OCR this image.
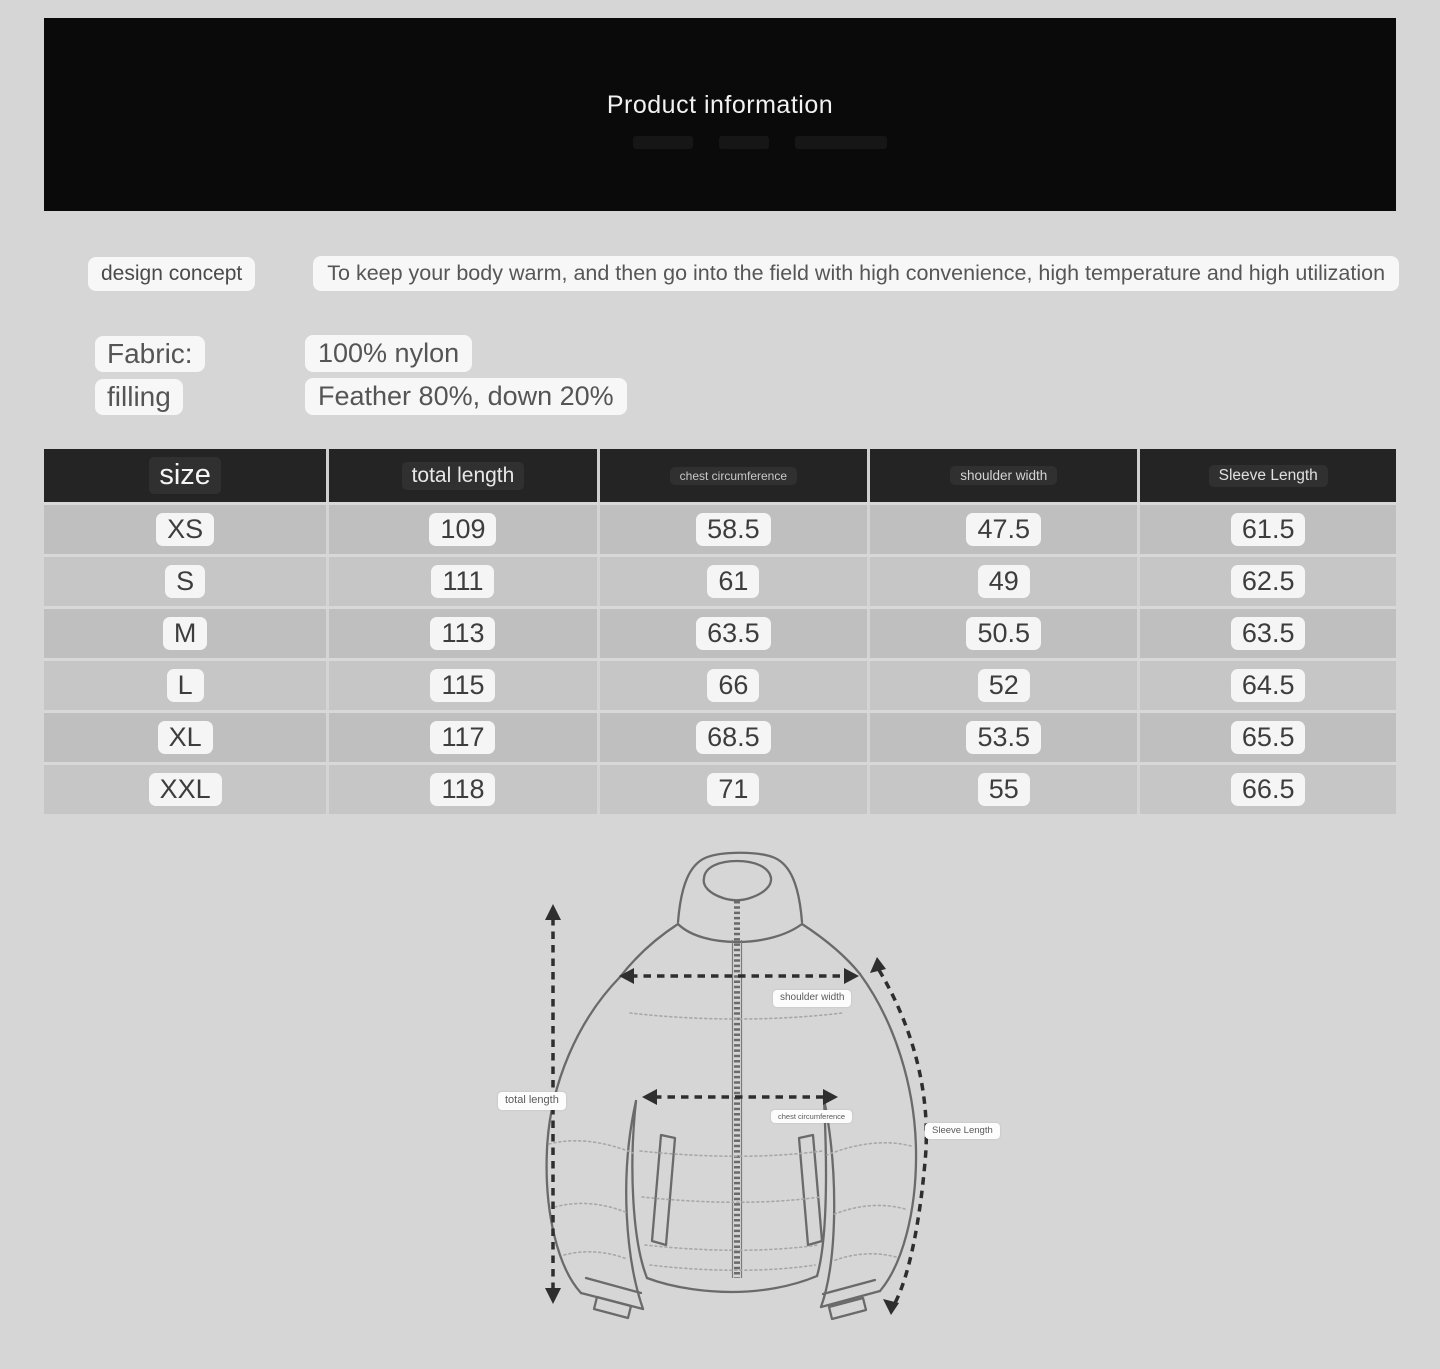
Product information
design concept	To keep your body warm, and then go into the field with high convenience, high temperature and high utilization
Fabric:	100% nylon
filling	Feather 80%, down 20%
size	total length	chest circumference	shoulder width	Sleeve Length
XS	109	58.5	47.5	61.5
S	111	61	49	62.5
M	113	63.5	50.5	63.5
L	115	66	52	64.5
XL	117	68.5	53.5	65.5
XXL	118	71	55	66.5
total length
shoulder width
chest circumference
Sleeve Length
